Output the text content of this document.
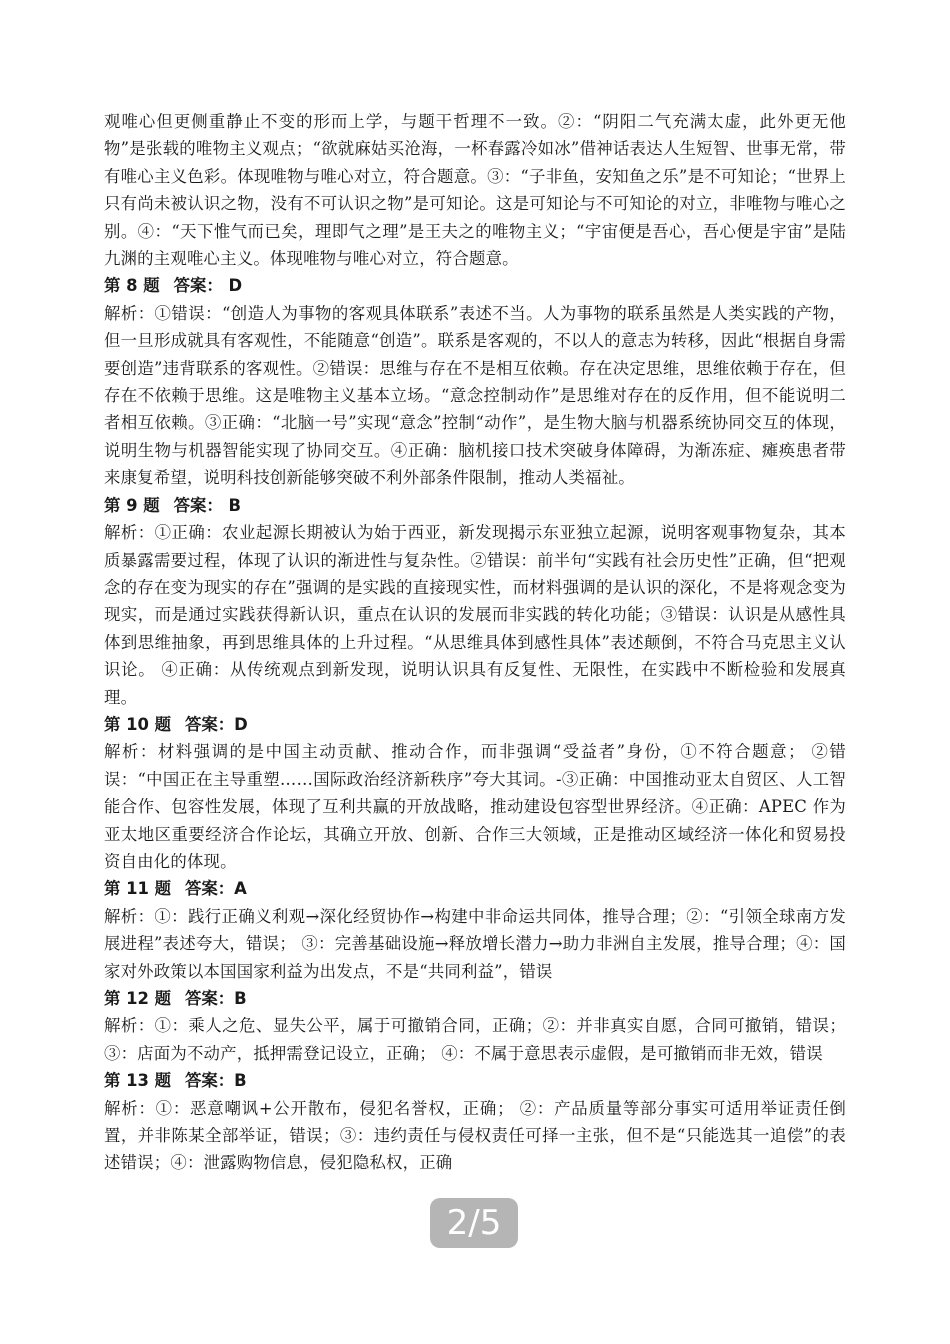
观唯心但更侧重静止不变的形而上学，与题干哲理不一致。②：“阴阳二气充满太虚，此外更无他物”是张载的唯物主义观点；“欲就麻姑买沧海，一杯春露冷如冰”借神话表达人生短智、世事无常，带有唯心主义色彩。体现唯物与唯心对立，符合题意。③：“子非鱼，安知鱼之乐”是不可知论；“世界上只有尚未被认识之物，没有不可认识之物”是可知论。这是可知论与不可知论的对立，非唯物与唯心之别。④：“天下惟气而已矣，理即气之理”是王夫之的唯物主义；“宇宙便是吾心，吾心便是宇宙”是陆九渊的主观唯心主义。体现唯物与唯心对立，符合题意。

第 8 题 答案： D

解析：①错误：“创造人为事物的客观具体联系”表述不当。人为事物的联系虽然是人类实践的产物，但一旦形成就具有客观性，不能随意“创造”。联系是客观的，不以人的意志为转移，因此“根据自身需要创造”违背联系的客观性。②错误：思维与存在不是相互依赖。存在决定思维，思维依赖于存在，但存在不依赖于思维。这是唯物主义基本立场。“意念控制动作”是思维对存在的反作用，但不能说明二者相互依赖。③正确：“北脑一号”实现“意念”控制“动作”，是生物大脑与机器系统协同交互的体现，说明生物与机器智能实现了协同交互。④正确：脑机接口技术突破身体障碍，为渐冻症、瘫痪患者带来康复希望，说明科技创新能够突破不利外部条件限制，推动人类福祉。

第 9 题 答案： B

解析：①正确：农业起源长期被认为始于西亚，新发现揭示东亚独立起源，说明客观事物复杂，其本质暴露需要过程，体现了认识的渐进性与复杂性。②错误：前半句“实践有社会历史性”正确，但“把观念的存在变为现实的存在”强调的是实践的直接现实性，而材料强调的是认识的深化，不是将观念变为现实，而是通过实践获得新认识，重点在认识的发展而非实践的转化功能；③错误：认识是从感性具体到思维抽象，再到思维具体的上升过程。“从思维具体到感性具体”表述颠倒，不符合马克思主义认识论。 ④正确：从传统观点到新发现，说明认识具有反复性、无限性，在实践中不断检验和发展真理。

第 10 题 答案：D

解析：材料强调的是中国主动贡献、推动合作，而非强调“受益者”身份，①不符合题意； ②错误：“中国正在主导重塑……国际政治经济新秩序”夸大其词。-③正确：中国推动亚太自贸区、人工智能合作、包容性发展，体现了互利共赢的开放战略，推动建设包容型世界经济。④正确：APEC 作为亚太地区重要经济合作论坛，其确立开放、创新、合作三大领域，正是推动区域经济一体化和贸易投资自由化的体现。

第 11 题 答案：A

解析：①：践行正确义利观→深化经贸协作→构建中非命运共同体，推导合理；②：“引领全球南方发展进程”表述夸大，错误； ③：完善基础设施→释放增长潜力→助力非洲自主发展，推导合理；④：国家对外政策以本国国家利益为出发点，不是“共同利益”，错误

第 12 题 答案：B

解析：①：乘人之危、显失公平，属于可撤销合同，正确；②：并非真实自愿，合同可撤销，错误；③：店面为不动产，抵押需登记设立，正确； ④：不属于意思表示虚假，是可撤销而非无效，错误

第 13 题 答案：B

解析：①：恶意嘲讽+公开散布，侵犯名誉权，正确； ②：产品质量等部分事实可适用举证责任倒置，并非陈某全部举证，错误；③：违约责任与侵权责任可择一主张，但不是“只能选其一追偿”的表述错误；④：泄露购物信息，侵犯隐私权，正确

2/5
